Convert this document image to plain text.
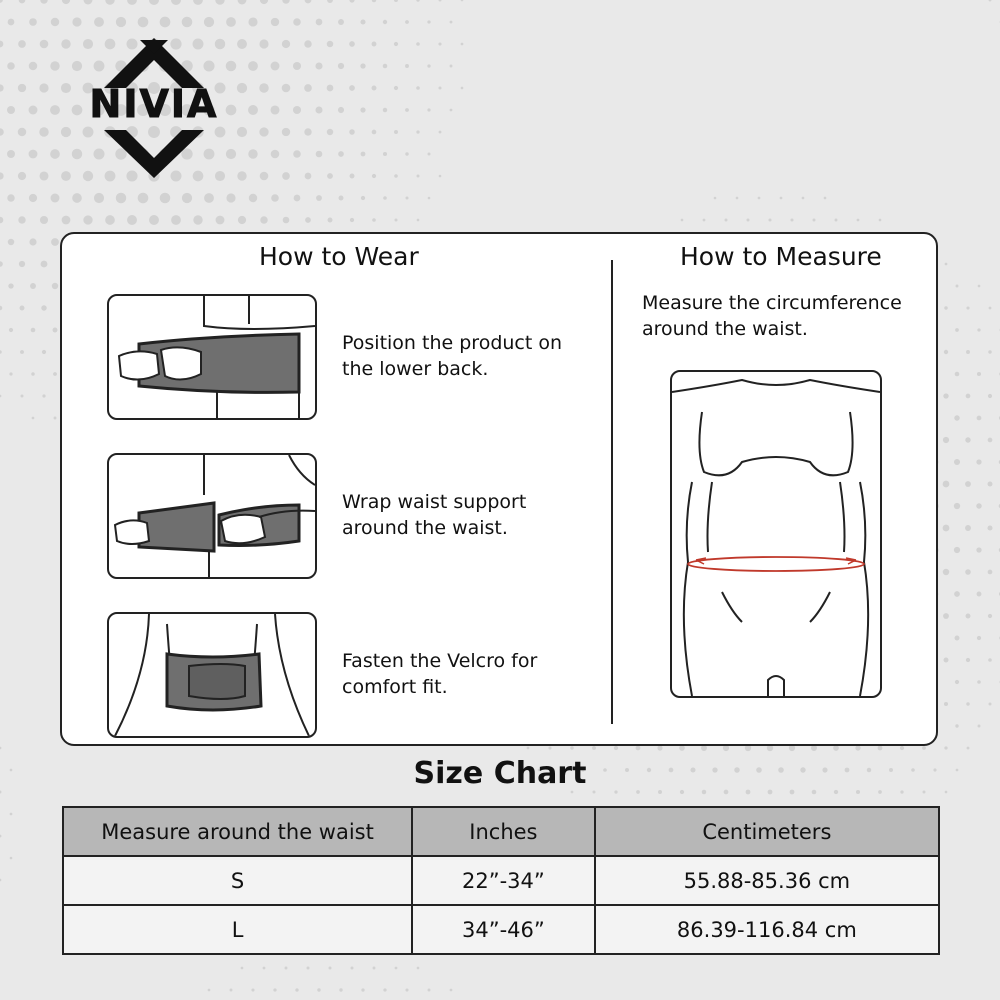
NIVIA
How to Wear
Position the product on the lower back.
Wrap waist support around the waist.
Fasten the Velcro for comfort fit.
How to Measure
Measure the circumference around the waist.
Size Chart
Measure around the waist	Inches	Centimeters
S	22”-34”	55.88-85.36 cm
L	34”-46”	86.39-116.84 cm
